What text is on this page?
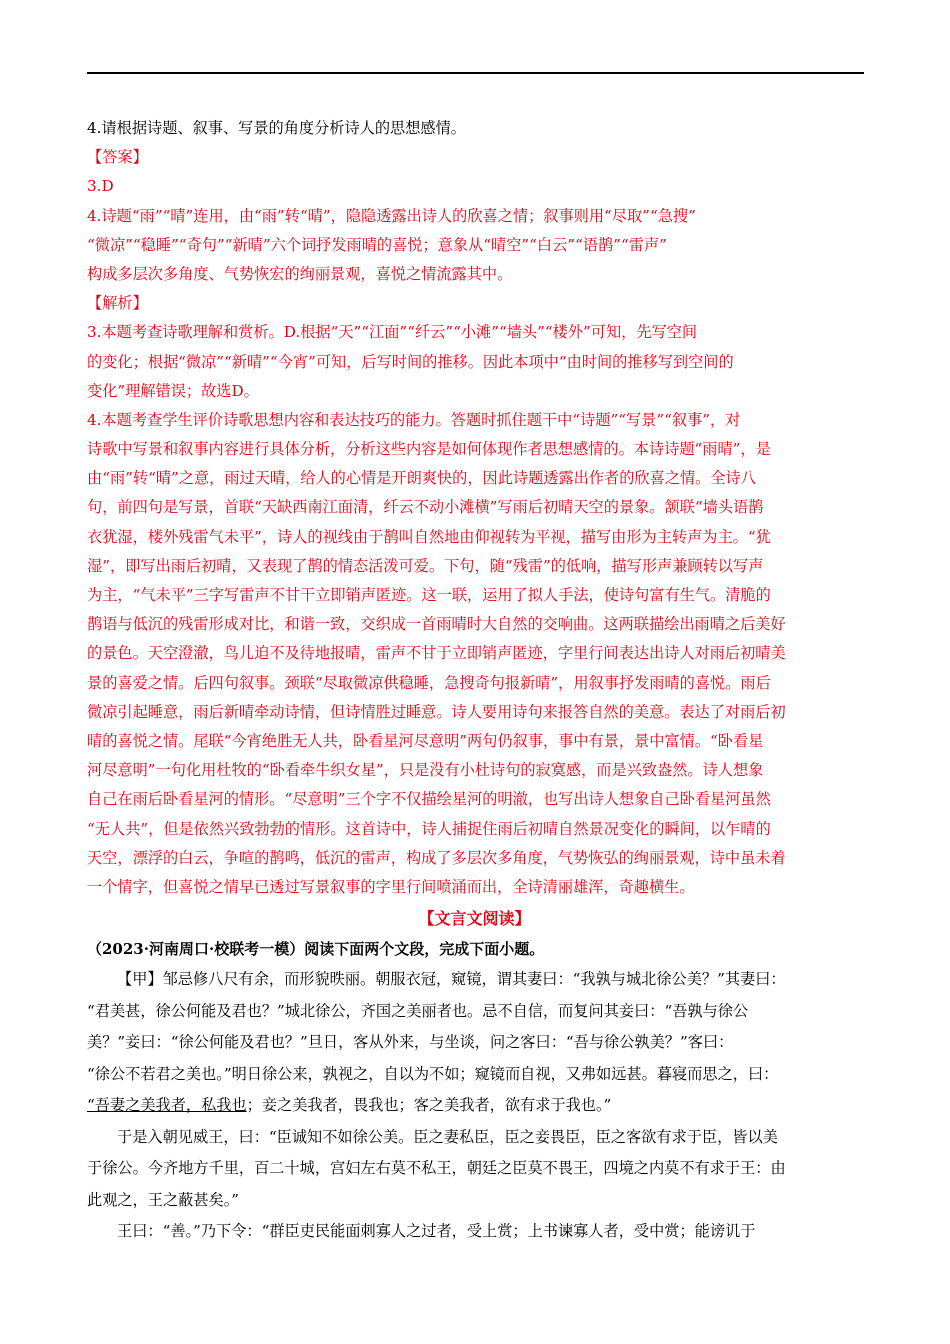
4.请根据诗题、叙事、写景的角度分析诗人的思想感情。
【答案】
3.D
4.诗题“雨”“晴”连用，由“雨”转“晴”，隐隐透露出诗人的欣喜之情；叙事则用“尽取”“急搜”
“微凉”“稳睡”“奇句”“新晴”六个词抒发雨晴的喜悦；意象从“晴空”“白云”“语鹊”“雷声”
构成多层次多角度、气势恢宏的绚丽景观，喜悦之情流露其中。
【解析】
3.本题考查诗歌理解和赏析。D.根据“天”“江面”“纤云”“小滩”“墙头”“楼外”可知，先写空间
的变化；根据“微凉”“新晴”“今宵”可知，后写时间的推移。因此本项中“由时间的推移写到空间的
变化”理解错误；故选D。
4.本题考查学生评价诗歌思想内容和表达技巧的能力。答题时抓住题干中“诗题”“写景”“叙事”，对
诗歌中写景和叙事内容进行具体分析，分析这些内容是如何体现作者思想感情的。本诗诗题“雨晴”，是
由“雨”转“晴”之意，雨过天晴，给人的心情是开朗爽快的，因此诗题透露出作者的欣喜之情。全诗八
句，前四句是写景，首联“天缺西南江面清，纤云不动小滩横”写雨后初晴天空的景象。颔联“墙头语鹊
衣犹湿，楼外残雷气未平”，诗人的视线由于鹊叫自然地由仰视转为平视，描写由形为主转声为主。“犹
湿”，即写出雨后初晴，又表现了鹊的情态活泼可爱。下句，随“残雷”的低响，描写形声兼顾转以写声
为主，“气未平”三字写雷声不甘干立即销声匿迹。这一联，运用了拟人手法，使诗句富有生气。清脆的
鹊语与低沉的残雷形成对比，和谐一致，交织成一首雨晴时大自然的交响曲。这两联描绘出雨晴之后美好
的景色。天空澄澈，鸟儿迫不及待地报晴，雷声不甘于立即销声匿迹，字里行间表达出诗人对雨后初晴美
景的喜爱之情。后四句叙事。颈联“尽取微凉供稳睡，急搜奇句报新晴”，用叙事抒发雨晴的喜悦。雨后
微凉引起睡意，雨后新晴牵动诗情，但诗情胜过睡意。诗人要用诗句来报答自然的美意。表达了对雨后初
晴的喜悦之情。尾联“今宵绝胜无人共，卧看星河尽意明”两句仍叙事，事中有景，景中富情。“卧看星
河尽意明”一句化用杜牧的“卧看牵牛织女星”，只是没有小杜诗句的寂寞感，而是兴致盎然。诗人想象
自己在雨后卧看星河的情形。“尽意明”三个字不仅描绘星河的明澈，也写出诗人想象自己卧看星河虽然
“无人共”，但是依然兴致勃勃的情形。这首诗中，诗人捕捉住雨后初晴自然景况变化的瞬间，以乍晴的
天空，漂浮的白云，争喧的鹊鸣，低沉的雷声，构成了多层次多角度，气势恢弘的绚丽景观，诗中虽未着
一个情字，但喜悦之情早已透过写景叙事的字里行间喷涌而出，全诗清丽雄浑，奇趣横生。
【文言文阅读】
（2023·河南周口·校联考一模）阅读下面两个文段，完成下面小题。
【甲】邹忌修八尺有余，而形貌昳丽。朝服衣冠，窥镜，谓其妻曰：“我孰与城北徐公美？”其妻曰：
“君美甚，徐公何能及君也？”城北徐公，齐国之美丽者也。忌不自信，而复问其妾曰：“吾孰与徐公
美？”妾曰：“徐公何能及君也？”旦日，客从外来，与坐谈，问之客曰：“吾与徐公孰美？”客曰：
“徐公不若君之美也。”明日徐公来，孰视之，自以为不如；窥镜而自视，又弗如远甚。暮寝而思之，曰：
“吾妻之美我者，私我也；妾之美我者，畏我也；客之美我者，欲有求于我也。”
于是入朝见威王，曰：“臣诚知不如徐公美。臣之妻私臣，臣之妾畏臣，臣之客欲有求于臣，皆以美
于徐公。今齐地方千里，百二十城，宫妇左右莫不私王，朝廷之臣莫不畏王，四境之内莫不有求于王：由
此观之，王之蔽甚矣。”
王曰：“善。”乃下令：“群臣吏民能面刺寡人之过者，受上赏；上书谏寡人者，受中赏；能谤讥于
